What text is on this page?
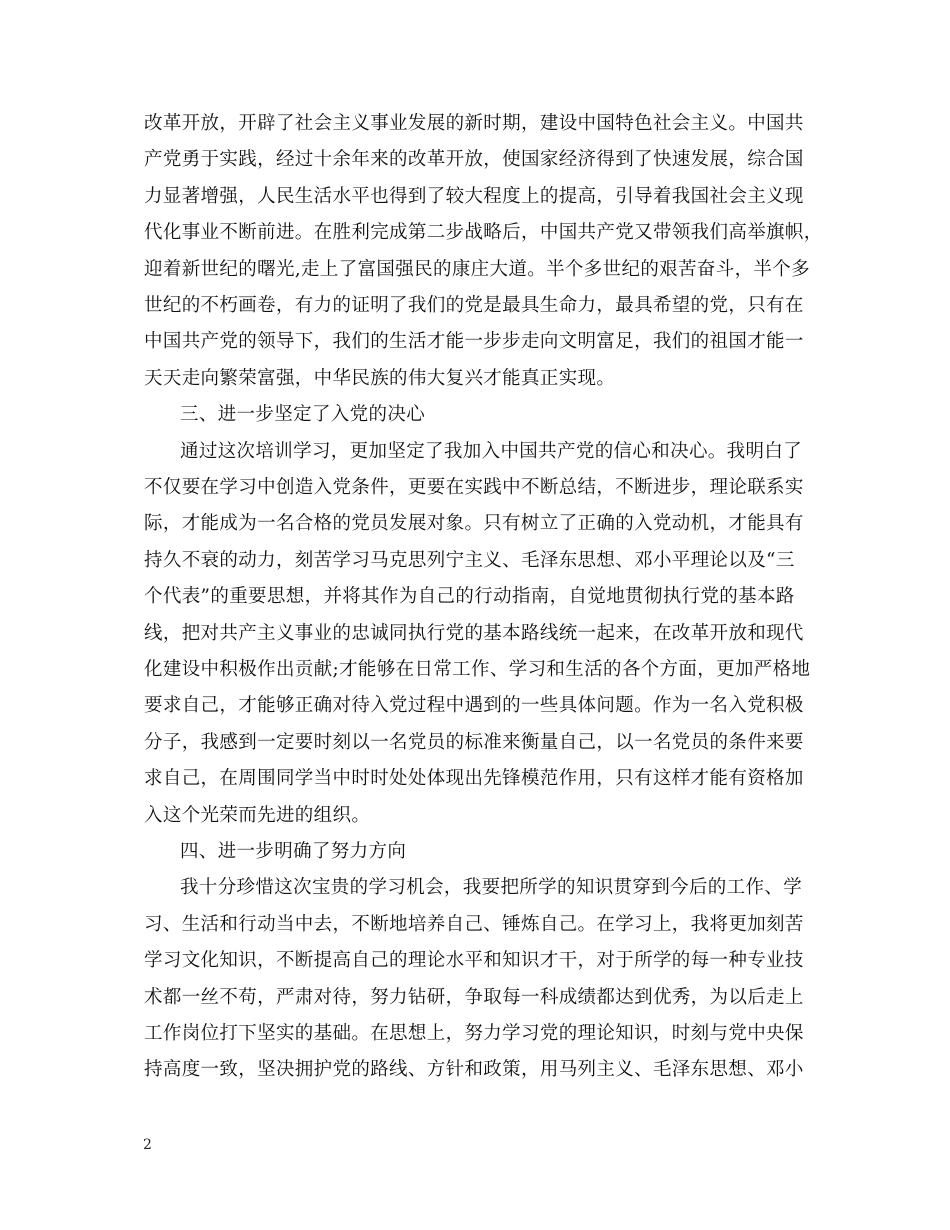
改革开放，开辟了社会主义事业发展的新时期，建设中国特色社会主义。中国共
产党勇于实践，经过十余年来的改革开放，使国家经济得到了快速发展，综合国
力显著增强，人民生活水平也得到了较大程度上的提高，引导着我国社会主义现
代化事业不断前进。在胜利完成第二步战略后，中国共产党又带领我们高举旗帜，
迎着新世纪的曙光,走上了富国强民的康庄大道。半个多世纪的艰苦奋斗，半个多
世纪的不朽画卷，有力的证明了我们的党是最具生命力，最具希望的党，只有在
中国共产党的领导下，我们的生活才能一步步走向文明富足，我们的祖国才能一
天天走向繁荣富强，中华民族的伟大复兴才能真正实现。
三、进一步坚定了入党的决心
通过这次培训学习，更加坚定了我加入中国共产党的信心和决心。我明白了
不仅要在学习中创造入党条件，更要在实践中不断总结，不断进步，理论联系实
际，才能成为一名合格的党员发展对象。只有树立了正确的入党动机，才能具有
持久不衰的动力，刻苦学习马克思列宁主义、毛泽东思想、邓小平理论以及“三
个代表”的重要思想，并将其作为自己的行动指南，自觉地贯彻执行党的基本路
线，把对共产主义事业的忠诚同执行党的基本路线统一起来，在改革开放和现代
化建设中积极作出贡献;才能够在日常工作、学习和生活的各个方面，更加严格地
要求自己，才能够正确对待入党过程中遇到的一些具体问题。作为一名入党积极
分子，我感到一定要时刻以一名党员的标准来衡量自己，以一名党员的条件来要
求自己，在周围同学当中时时处处体现出先锋模范作用，只有这样才能有资格加
入这个光荣而先进的组织。
四、进一步明确了努力方向
我十分珍惜这次宝贵的学习机会，我要把所学的知识贯穿到今后的工作、学
习、生活和行动当中去，不断地培养自己、锤炼自己。在学习上，我将更加刻苦
学习文化知识，不断提高自己的理论水平和知识才干，对于所学的每一种专业技
术都一丝不苟，严肃对待，努力钻研，争取每一科成绩都达到优秀，为以后走上
工作岗位打下坚实的基础。在思想上，努力学习党的理论知识，时刻与党中央保
持高度一致，坚决拥护党的路线、方针和政策，用马列主义、毛泽东思想、邓小
2
